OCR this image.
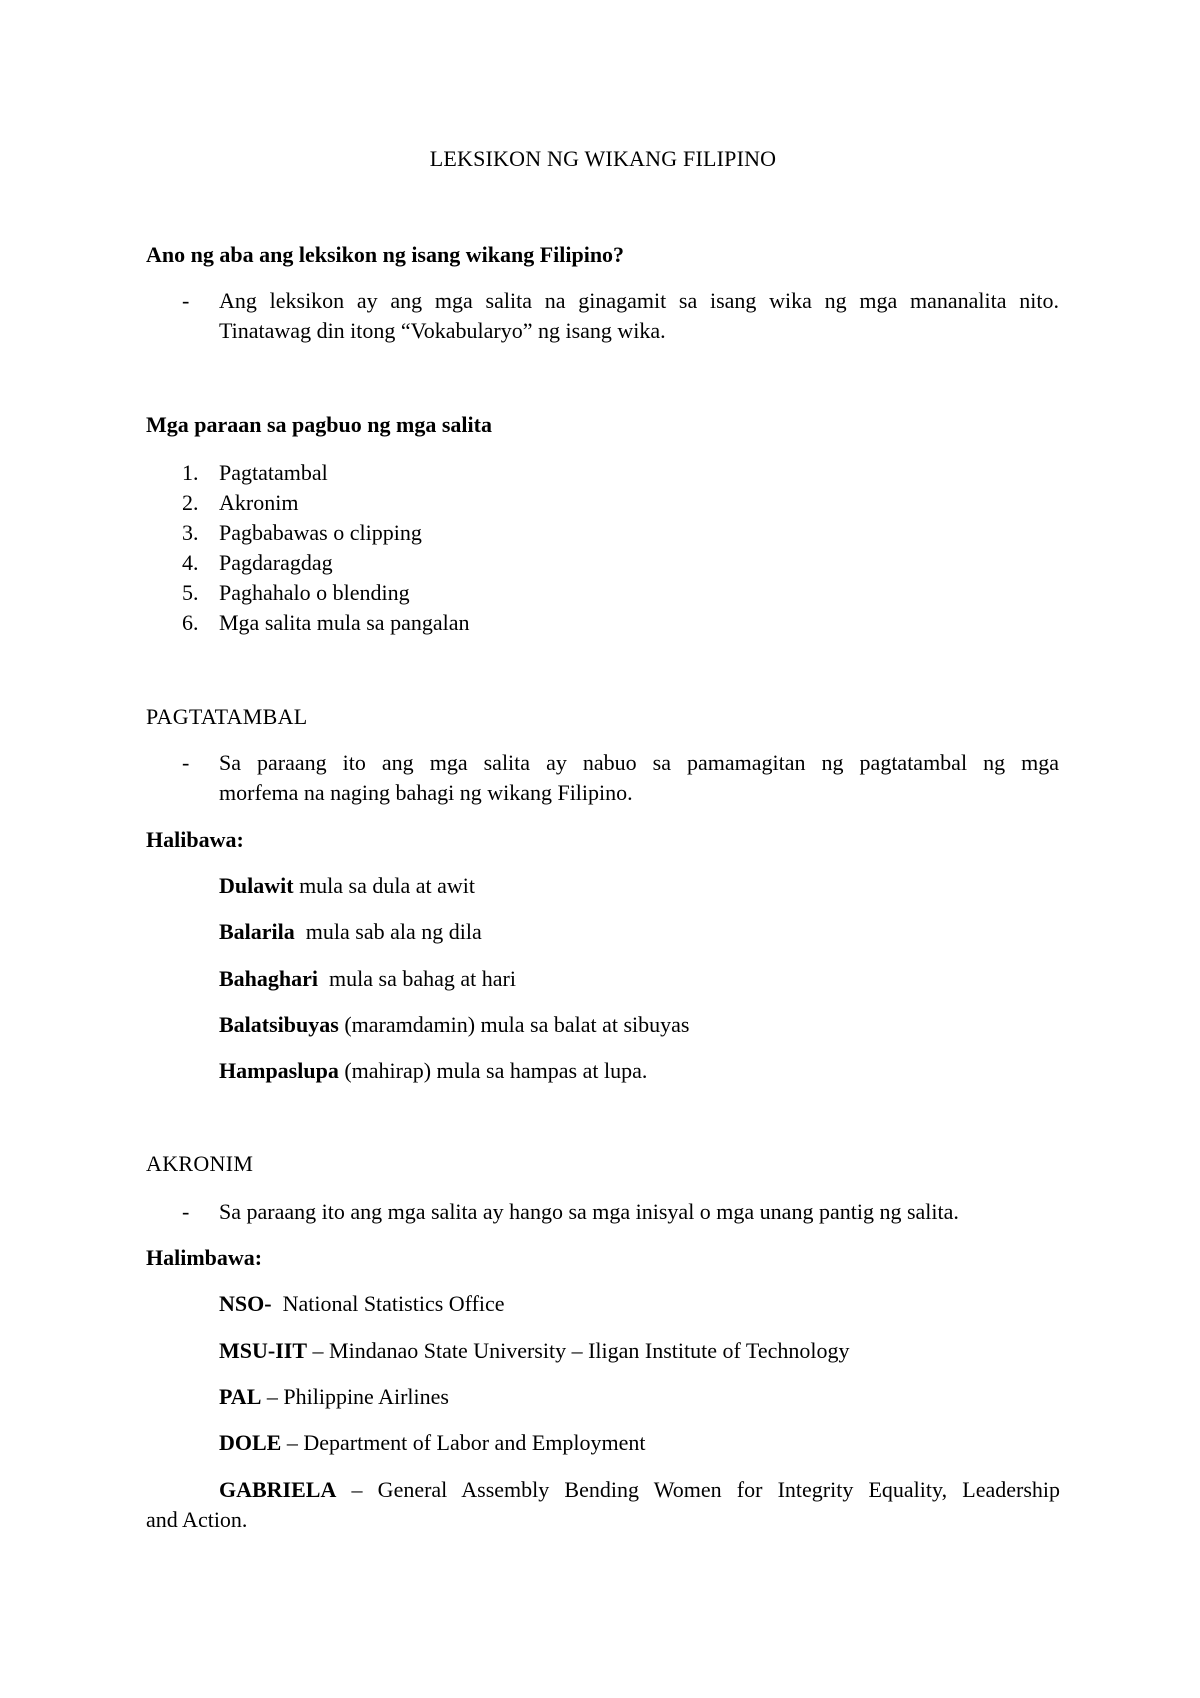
LEKSIKON NG WIKANG FILIPINO
Ano ng aba ang leksikon ng isang wikang Filipino?
- Ang leksikon ay ang mga salita na ginagamit sa isang wika ng mga mananalita nito.
Tinatawag din itong “Vokabularyo” ng isang wika.
Mga paraan sa pagbuo ng mga salita
1. Pagtatambal
2. Akronim
3. Pagbabawas o clipping
4. Pagdaragdag
5. Paghahalo o blending
6. Mga salita mula sa pangalan
PAGTATAMBAL
- Sa paraang ito ang mga salita ay nabuo sa pamamagitan ng pagtatambal ng mga
morfema na naging bahagi ng wikang Filipino.
Halibawa:
Dulawit mula sa dula at awit
Balarila  mula sab ala ng dila
Bahaghari  mula sa bahag at hari
Balatsibuyas (maramdamin) mula sa balat at sibuyas
Hampaslupa (mahirap) mula sa hampas at lupa.
AKRONIM
- Sa paraang ito ang mga salita ay hango sa mga inisyal o mga unang pantig ng salita.
Halimbawa:
NSO-  National Statistics Office
MSU-IIT – Mindanao State University – Iligan Institute of Technology
PAL – Philippine Airlines
DOLE – Department of Labor and Employment
GABRIELA – General Assembly Bending Women for Integrity Equality, Leadership
and Action.
